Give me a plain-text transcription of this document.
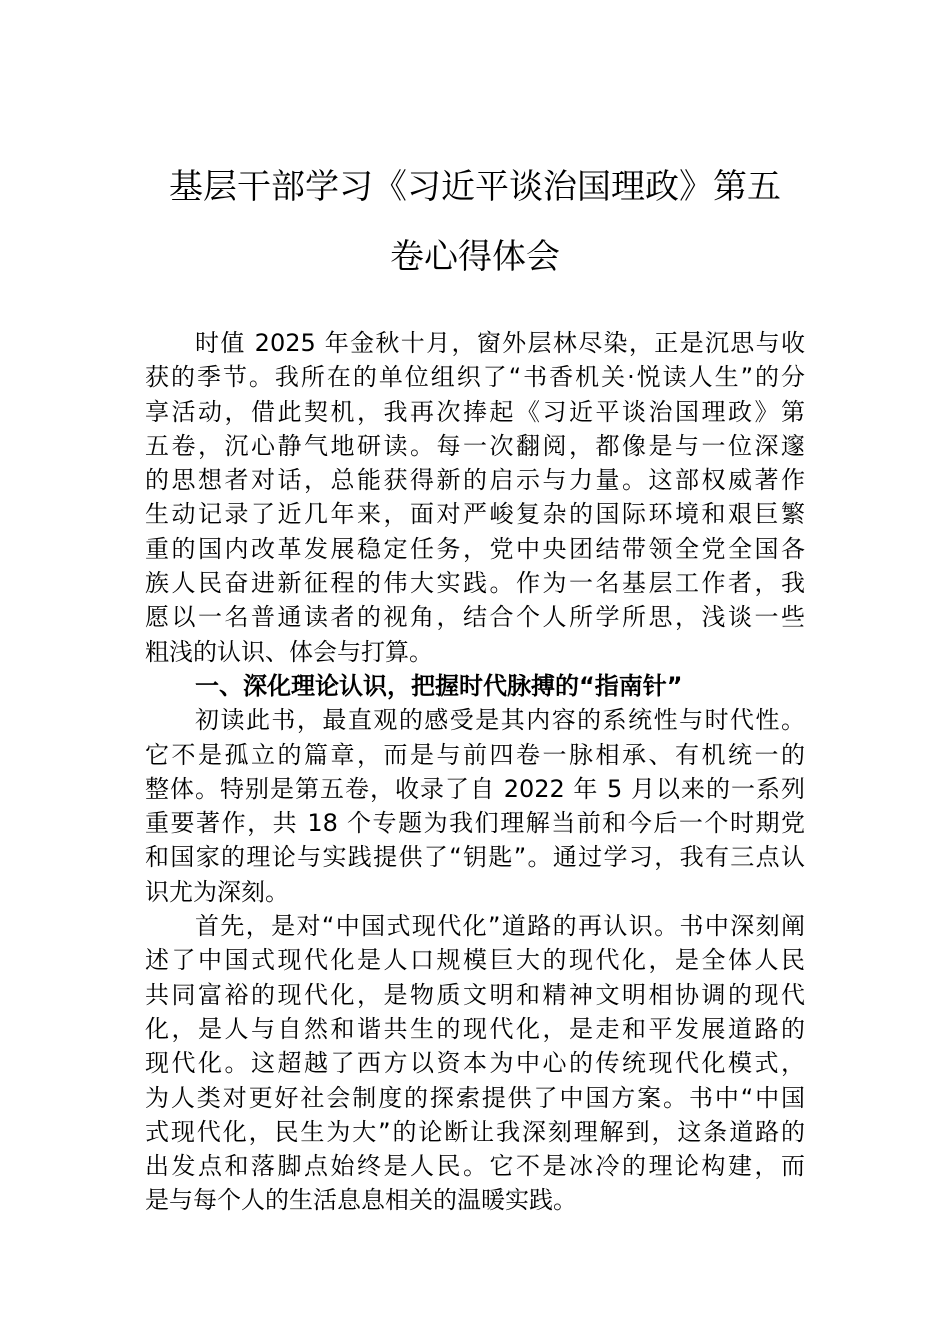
基层干部学习《习近平谈治国理政》第五
卷心得体会
时值 2025 年金秋十月，窗外层林尽染，正是沉思与收
获的季节。我所在的单位组织了“书香机关·悦读人生”的分
享活动，借此契机，我再次捧起《习近平谈治国理政》第
五卷，沉心静气地研读。每一次翻阅，都像是与一位深邃
的思想者对话，总能获得新的启示与力量。这部权威著作
生动记录了近几年来，面对严峻复杂的国际环境和艰巨繁
重的国内改革发展稳定任务，党中央团结带领全党全国各
族人民奋进新征程的伟大实践。作为一名基层工作者，我
愿以一名普通读者的视角，结合个人所学所思，浅谈一些
粗浅的认识、体会与打算。
一、深化理论认识，把握时代脉搏的“指南针”
初读此书，最直观的感受是其内容的系统性与时代性。
它不是孤立的篇章，而是与前四卷一脉相承、有机统一的
整体。特别是第五卷，收录了自 2022 年 5 月以来的一系列
重要著作，共 18 个专题为我们理解当前和今后一个时期党
和国家的理论与实践提供了“钥匙”。通过学习，我有三点认
识尤为深刻。
首先，是对“中国式现代化”道路的再认识。书中深刻阐
述了中国式现代化是人口规模巨大的现代化，是全体人民
共同富裕的现代化，是物质文明和精神文明相协调的现代
化，是人与自然和谐共生的现代化，是走和平发展道路的
现代化。这超越了西方以资本为中心的传统现代化模式，
为人类对更好社会制度的探索提供了中国方案。书中“中国
式现代化，民生为大”的论断让我深刻理解到，这条道路的
出发点和落脚点始终是人民。它不是冰冷的理论构建，而
是与每个人的生活息息相关的温暖实践。
